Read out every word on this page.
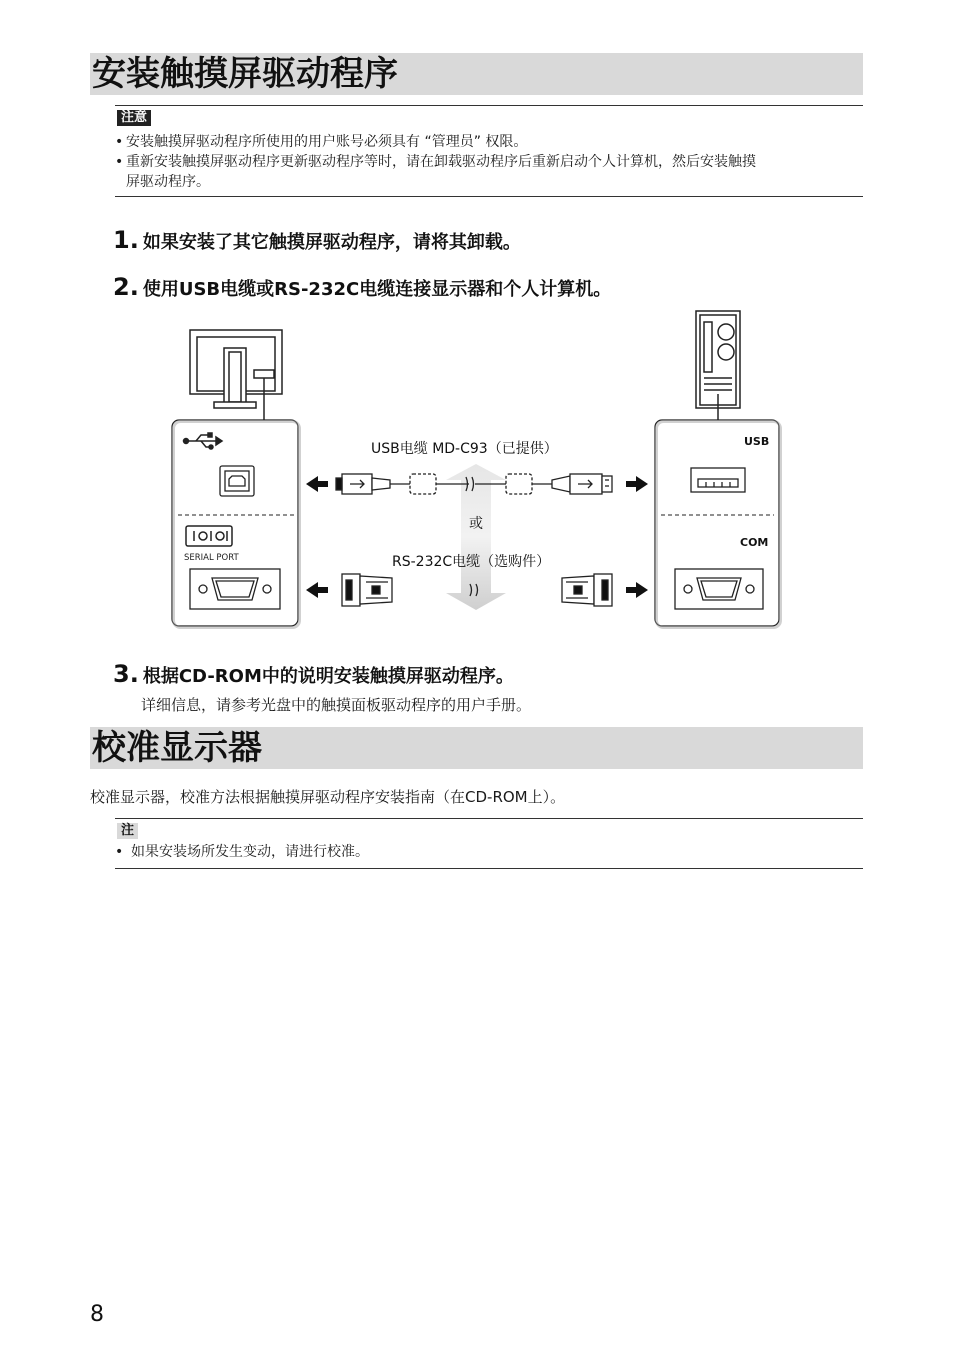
安装触摸屏驱动程序
注意
• 安装触摸屏驱动程序所使用的用户账号必须具有 “管理员” 权限。
• 重新安装触摸屏驱动程序更新驱动程序等时，请在卸载驱动程序后重新启动个人计算机，然后安装触摸
屏驱动程序。
1. 如果安装了其它触摸屏驱动程序，请将其卸载。
2. 使用USB电缆或RS-232C电缆连接显示器和个人计算机。
SERIAL PORT
USB
COM
或
USB电缆 MD-C93（已提供）
RS-232C电缆（选购件）
3. 根据CD-ROM中的说明安装触摸屏驱动程序。
详细信息，请参考光盘中的触摸面板驱动程序的用户手册。
校准显示器
校准显示器，校准方法根据触摸屏驱动程序安装指南（在CD-ROM上）。
注
• 如果安装场所发生变动，请进行校准。
8
